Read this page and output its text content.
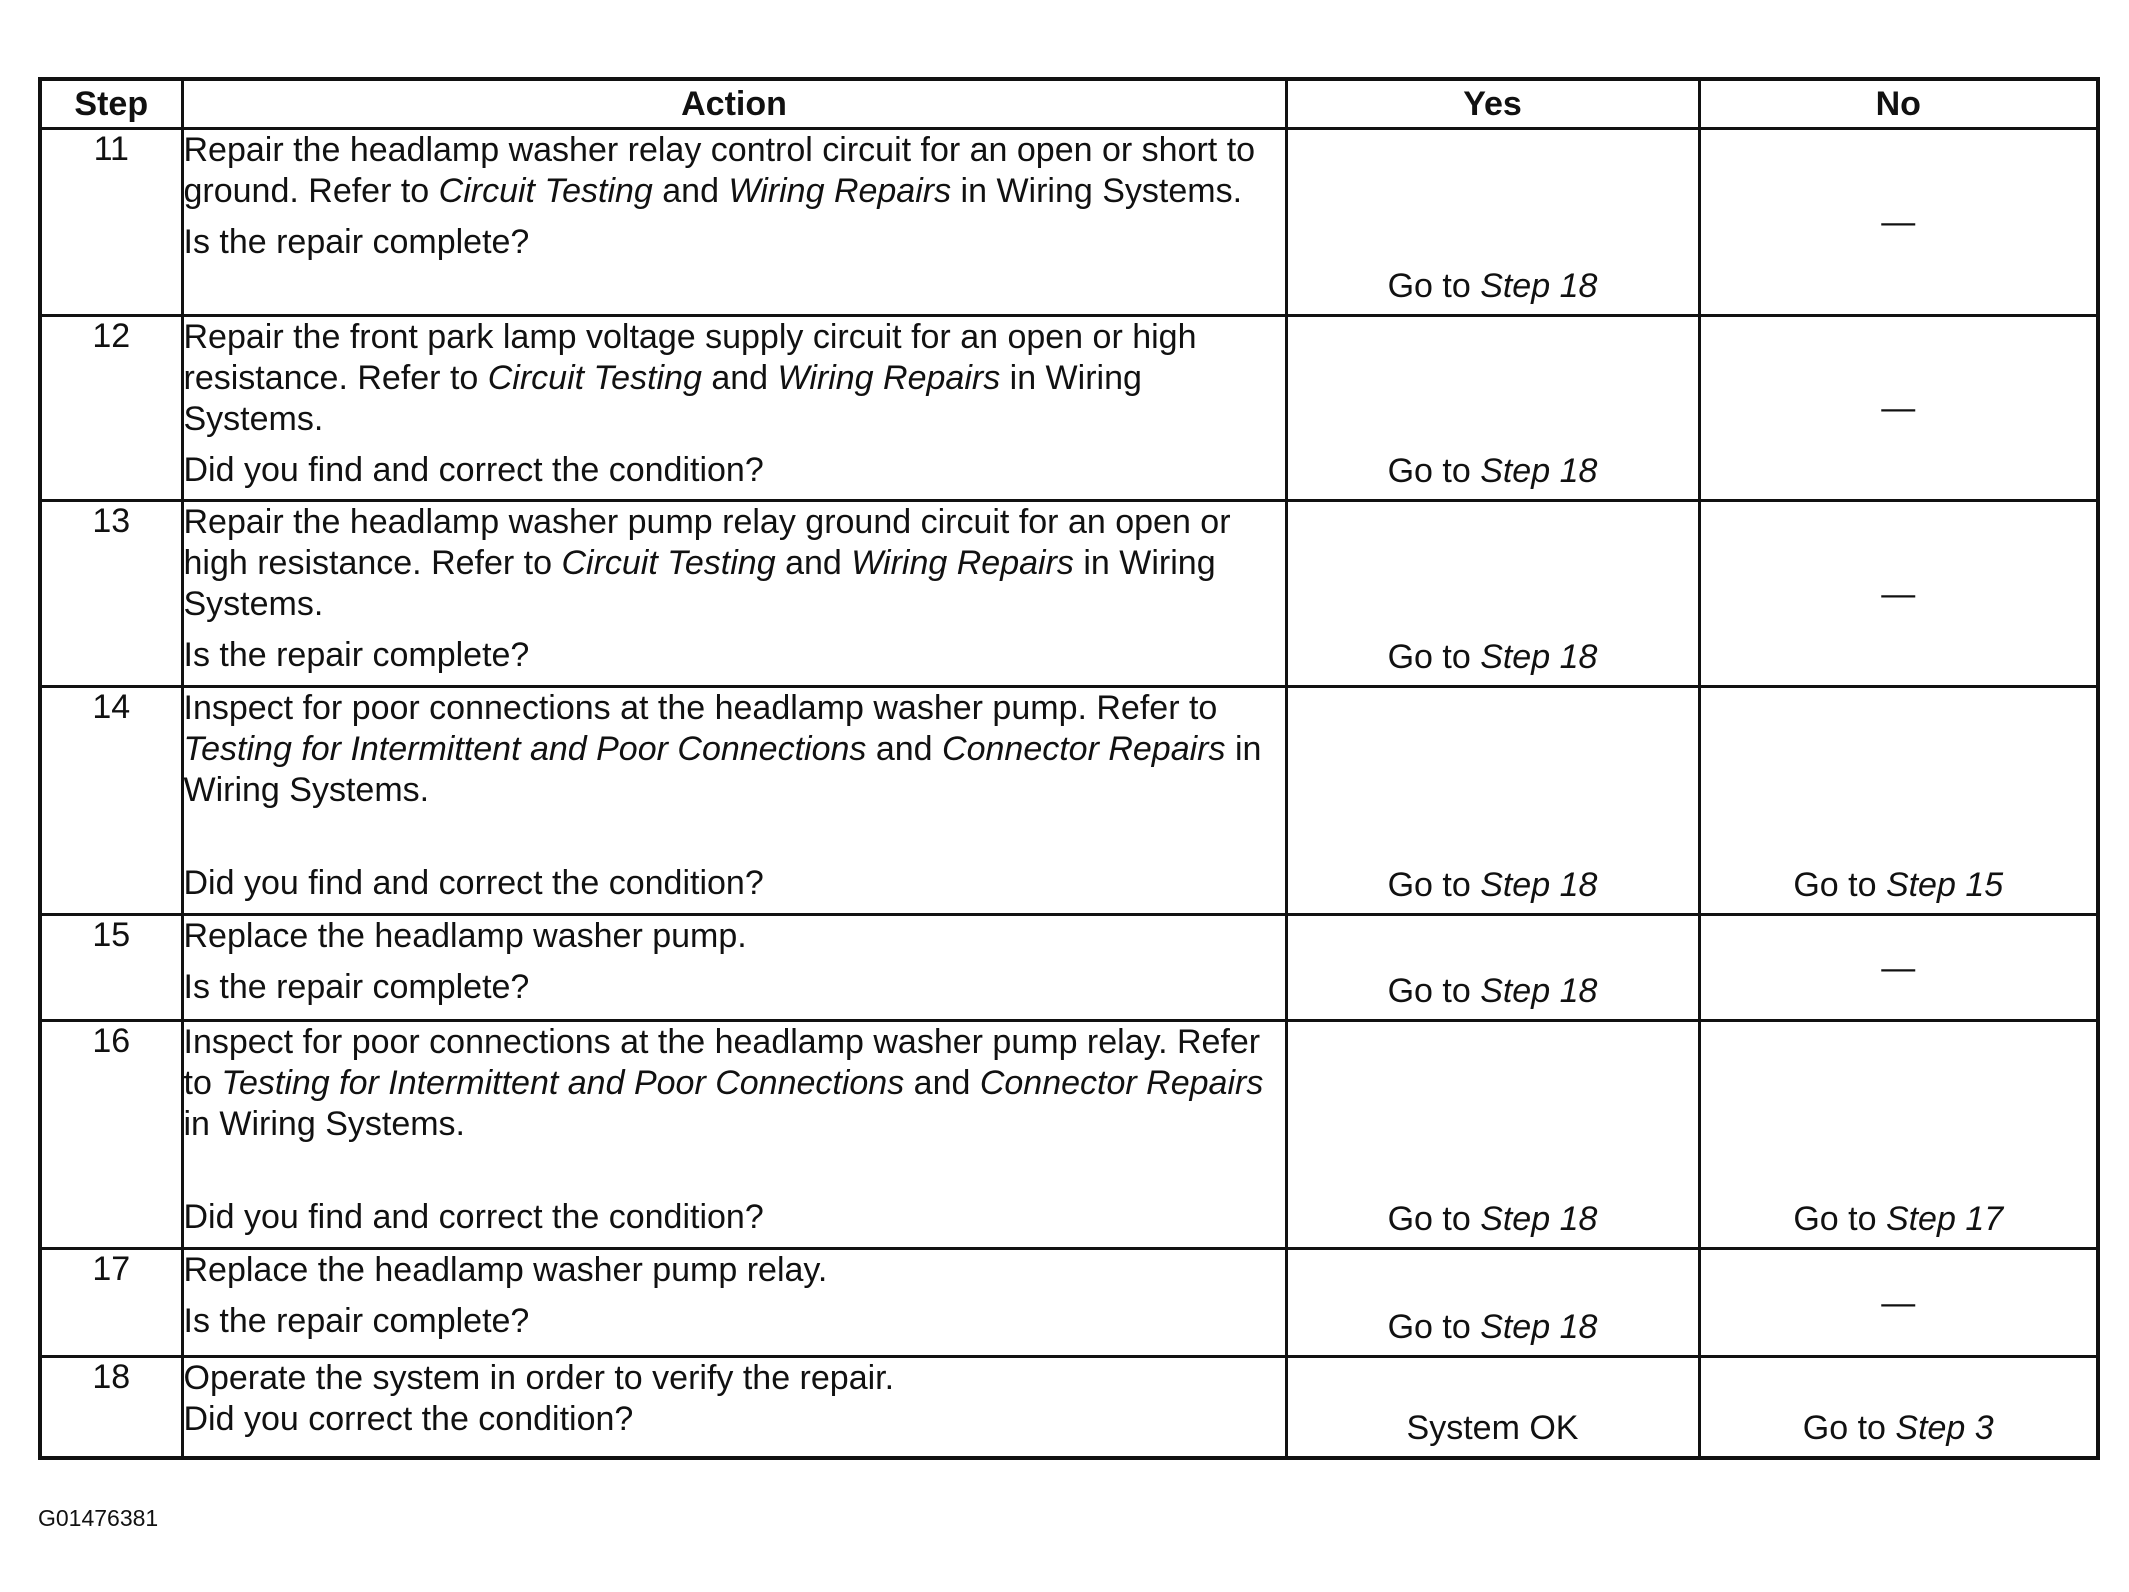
Step	Action	Yes	No
11	Repair the headlamp washer relay control circuit for an open or short to ground. Refer to Circuit Testing and Wiring Repairs in Wiring Systems.
Is the repair complete?	Go to Step 18	—

12	Repair the front park lamp voltage supply circuit for an open or high resistance. Refer to Circuit Testing and Wiring Repairs in Wiring Systems.
Did you find and correct the condition?	Go to Step 18	—

13	Repair the headlamp washer pump relay ground circuit for an open or high resistance. Refer to Circuit Testing and Wiring Repairs in Wiring Systems.
Is the repair complete?	Go to Step 18	—

14	Inspect for poor connections at the headlamp washer pump. Refer to Testing for Intermittent and Poor Connections and Connector Repairs in Wiring Systems.
Did you find and correct the condition?	Go to Step 18	Go to Step 15

15	Replace the headlamp washer pump.
Is the repair complete?	Go to Step 18	—

16	Inspect for poor connections at the headlamp washer pump relay. Refer to Testing for Intermittent and Poor Connections and Connector Repairs in Wiring Systems.
Did you find and correct the condition?	Go to Step 18	Go to Step 17

17	Replace the headlamp washer pump relay.
Is the repair complete?	Go to Step 18	—

18	Operate the system in order to verify the repair.
Did you correct the condition?	System OK	Go to Step 3
G01476381
